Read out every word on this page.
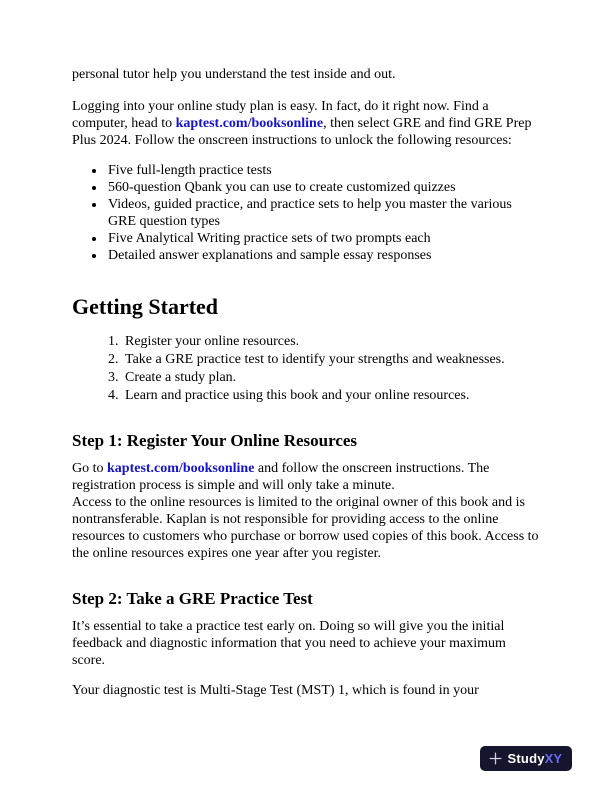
personal tutor help you understand the test inside and out.

Logging into your online study plan is easy. In fact, do it right now. Find a computer, head to kaptest.com/booksonline, then select GRE and find GRE Prep Plus 2024. Follow the onscreen instructions to unlock the following resources:

• Five full-length practice tests
• 560-question Qbank you can use to create customized quizzes
• Videos, guided practice, and practice sets to help you master the various GRE question types
• Five Analytical Writing practice sets of two prompts each
• Detailed answer explanations and sample essay responses
Getting Started
1. Register your online resources.
2. Take a GRE practice test to identify your strengths and weaknesses.
3. Create a study plan.
4. Learn and practice using this book and your online resources.
Step 1: Register Your Online Resources

Go to kaptest.com/booksonline and follow the onscreen instructions. The registration process is simple and will only take a minute.

Access to the online resources is limited to the original owner of this book and is nontransferable. Kaplan is not responsible for providing access to the online resources to customers who purchase or borrow used copies of this book. Access to the online resources expires one year after you register.

Step 2: Take a GRE Practice Test

It’s essential to take a practice test early on. Doing so will give you the initial feedback and diagnostic information that you need to achieve your maximum score.

Your diagnostic test is Multi-Stage Test (MST) 1, which is found in your

Study XY
